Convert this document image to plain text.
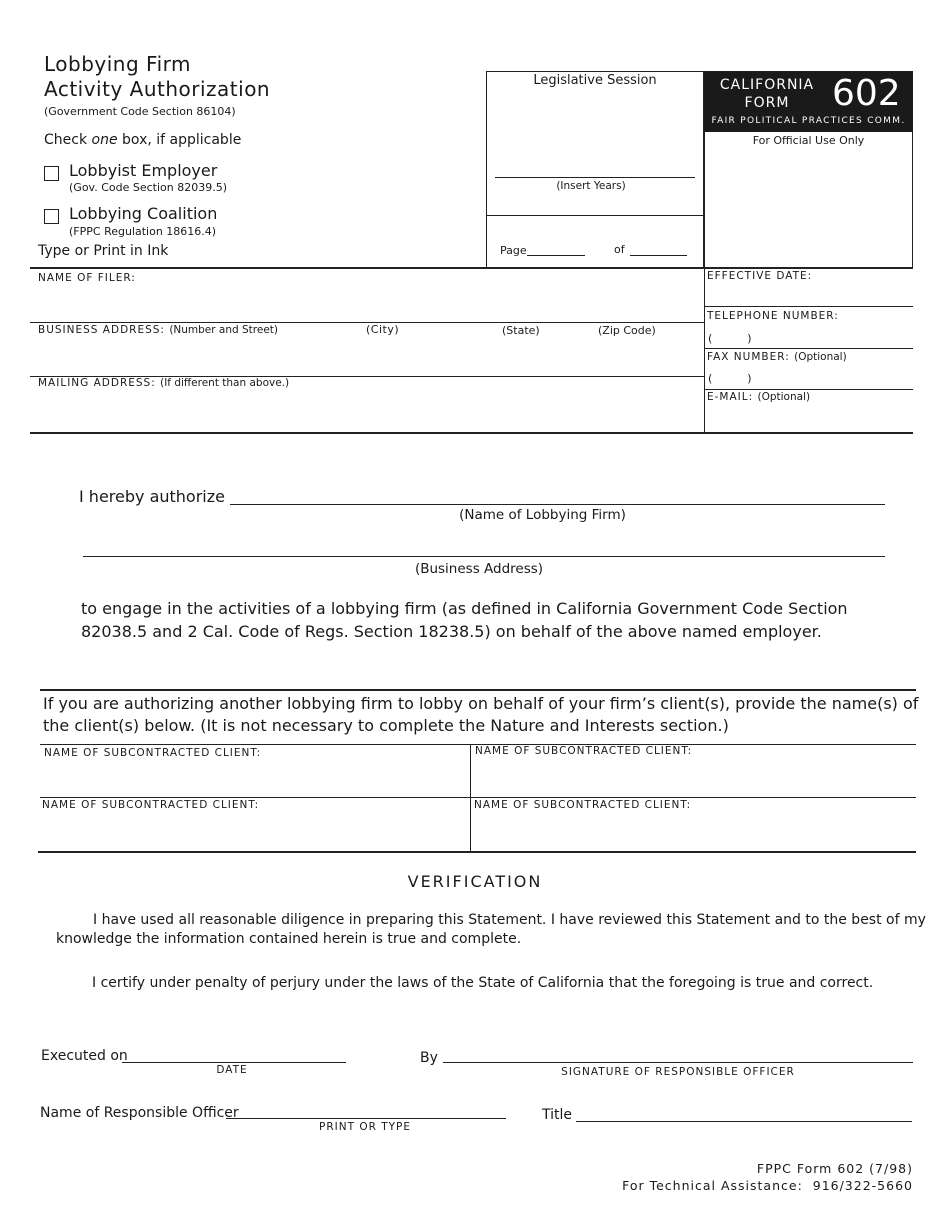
Lobbying Firm
Activity Authorization
(Government Code Section 86104)
Check one box, if applicable
Lobbyist Employer
(Gov. Code Section 82039.5)
Lobbying Coalition
(FPPC Regulation 18616.4)
Type or Print in Ink
Legislative Session
(Insert Years)
Page	of
CALIFORNIA
FORM	602
FAIR POLITICAL PRACTICES COMM.
For Official Use Only
NAME OF FILER:
BUSINESS ADDRESS: (Number and Street)	(City)	(State)	(Zip Code)
MAILING ADDRESS: (If different than above.)
EFFECTIVE DATE:
TELEPHONE NUMBER:
(          )
FAX NUMBER: (Optional)
(          )
E-MAIL: (Optional)
I hereby authorize
(Name of Lobbying Firm)
(Business Address)
to engage in the activities of a lobbying firm (as defined in California Government Code Section
82038.5 and 2 Cal. Code of Regs. Section 18238.5) on behalf of the above named employer.
If you are authorizing another lobbying firm to lobby on behalf of your firm’s client(s), provide the name(s) of
the client(s) below. (It is not necessary to complete the Nature and Interests section.)
NAME OF SUBCONTRACTED CLIENT:	NAME OF SUBCONTRACTED CLIENT:
NAME OF SUBCONTRACTED CLIENT:	NAME OF SUBCONTRACTED CLIENT:
VERIFICATION
I have used all reasonable diligence in preparing this Statement. I have reviewed this Statement and to the best of my
knowledge the information contained herein is true and complete.
I certify under penalty of perjury under the laws of the State of California that the foregoing is true and correct.
Executed on
DATE
By
SIGNATURE OF RESPONSIBLE OFFICER
Name of Responsible Officer
PRINT OR TYPE
Title
FPPC Form 602 (7/98)
For Technical Assistance:  916/322-5660
